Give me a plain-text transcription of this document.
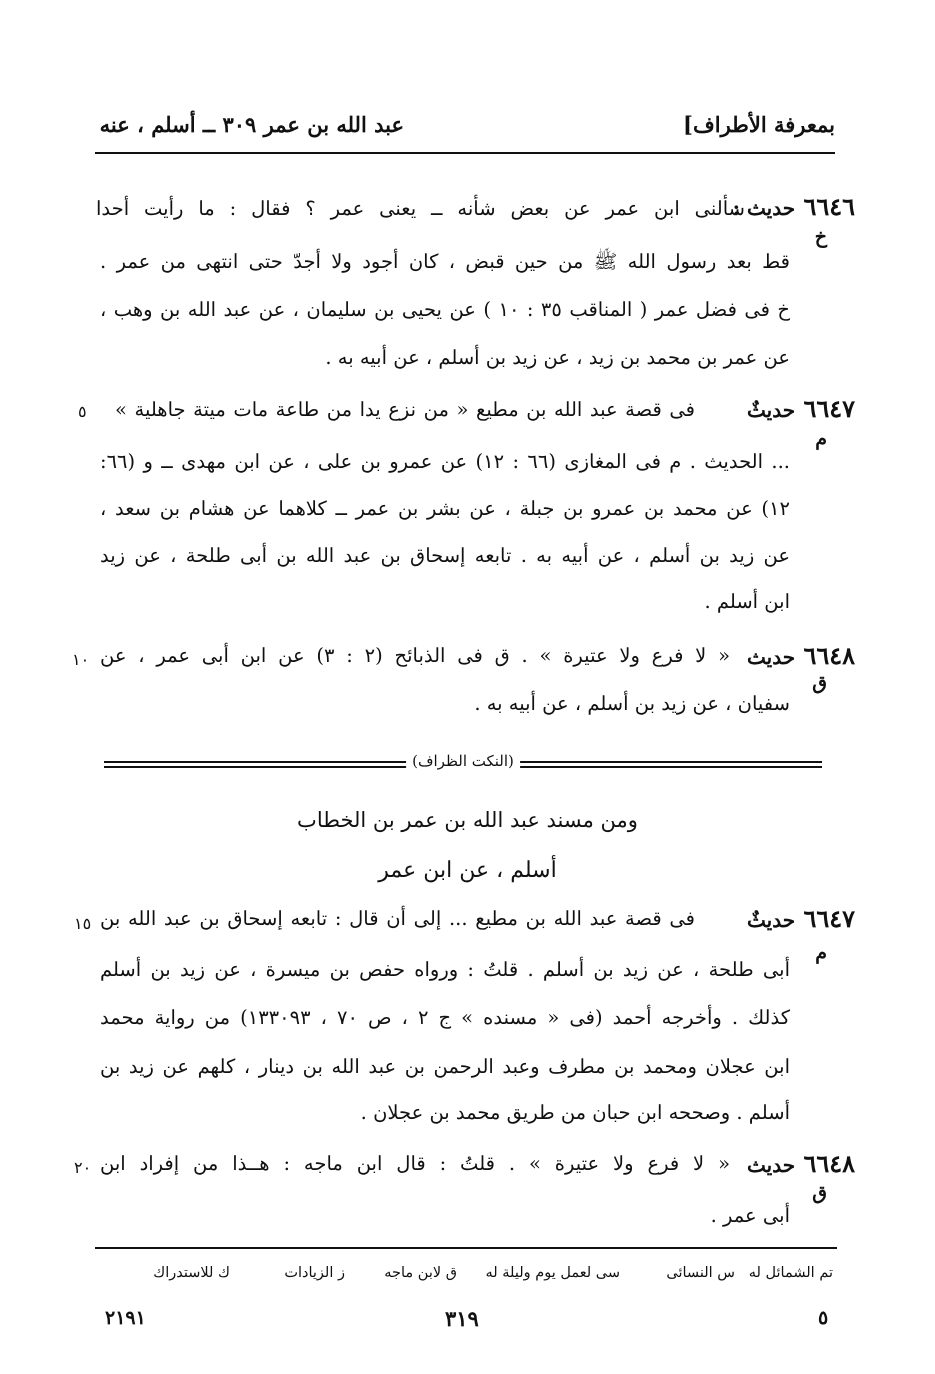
بمعرفة الأطراف]
عبد الله بن عمر ٣٠٩ ــ أسلم ، عنه
٦٦٤٦ حديث :
سألنى ابن عمر عن بعض شأنه ــ يعنى عمر ؟ فقال : ما رأيت أحدا
خ
قط بعد رسول الله ﷺ من حين قبض ، كان أجود ولا أجدّ حتى انتهى من عمر .
خ فى فضل عمر ( المناقب ٣٥ : ١٠ ) عن يحيى بن سليمان ، عن عبد الله بن وهب ،
عن عمر بن محمد بن زيد ، عن زيد بن أسلم ، عن أبيه به .
٦٦٤٧ حديثٌ
٥ فى قصة عبد الله بن مطيع « من نزع يدا من طاعة مات ميتة جاهلية »
م
... الحديث . م فى المغازى (٦٦ : ١٢) عن عمرو بن على ، عن ابن مهدى ــ و (٦٦:
١٢) عن محمد بن عمرو بن جبلة ، عن بشر بن عمر ــ كلاهما عن هشام بن سعد ،
عن زيد بن أسلم ، عن أبيه به . تابعه إسحاق بن عبد الله بن أبى طلحة ، عن زيد
ابن أسلم .
٦٦٤٨ حديث
١٠ « لا فرع ولا عتيرة » . ق فى الذبائح (٢ : ٣) عن ابن أبى عمر ، عن
ق
سفيان ، عن زيد بن أسلم ، عن أبيه به .
(النكت الظراف)
ومن مسند عبد الله بن عمر بن الخطاب
أسلم ، عن ابن عمر
٦٦٤٧ حديثٌ
١٥ فى قصة عبد الله بن مطيع ... إلى أن قال : تابعه إسحاق بن عبد الله بن
م
أبى طلحة ، عن زيد بن أسلم . قلتُ : ورواه حفص بن ميسرة ، عن زيد بن أسلم
كذلك . وأخرجه أحمد (فى « مسنده » ج ٢ ، ص ٧٠ ، ١٣٣٠٩٣) من رواية محمد
ابن عجلان ومحمد بن مطرف وعبد الرحمن بن عبد الله بن دينار ، كلهم عن زيد بن
أسلم . وصححه ابن حبان من طريق محمد بن عجلان .
٦٦٤٨ حديث
٢٠ « لا فرع ولا عتيرة » . قلتُ : قال ابن ماجه : هــذا من إفراد ابن
ق
أبى عمر .
تم الشمائل له
س النسائى
سى لعمل يوم وليلة له
ق لابن ماجه
ز الزيادات
ك للاستدراك
٥
٣١٩
٢١٩١
